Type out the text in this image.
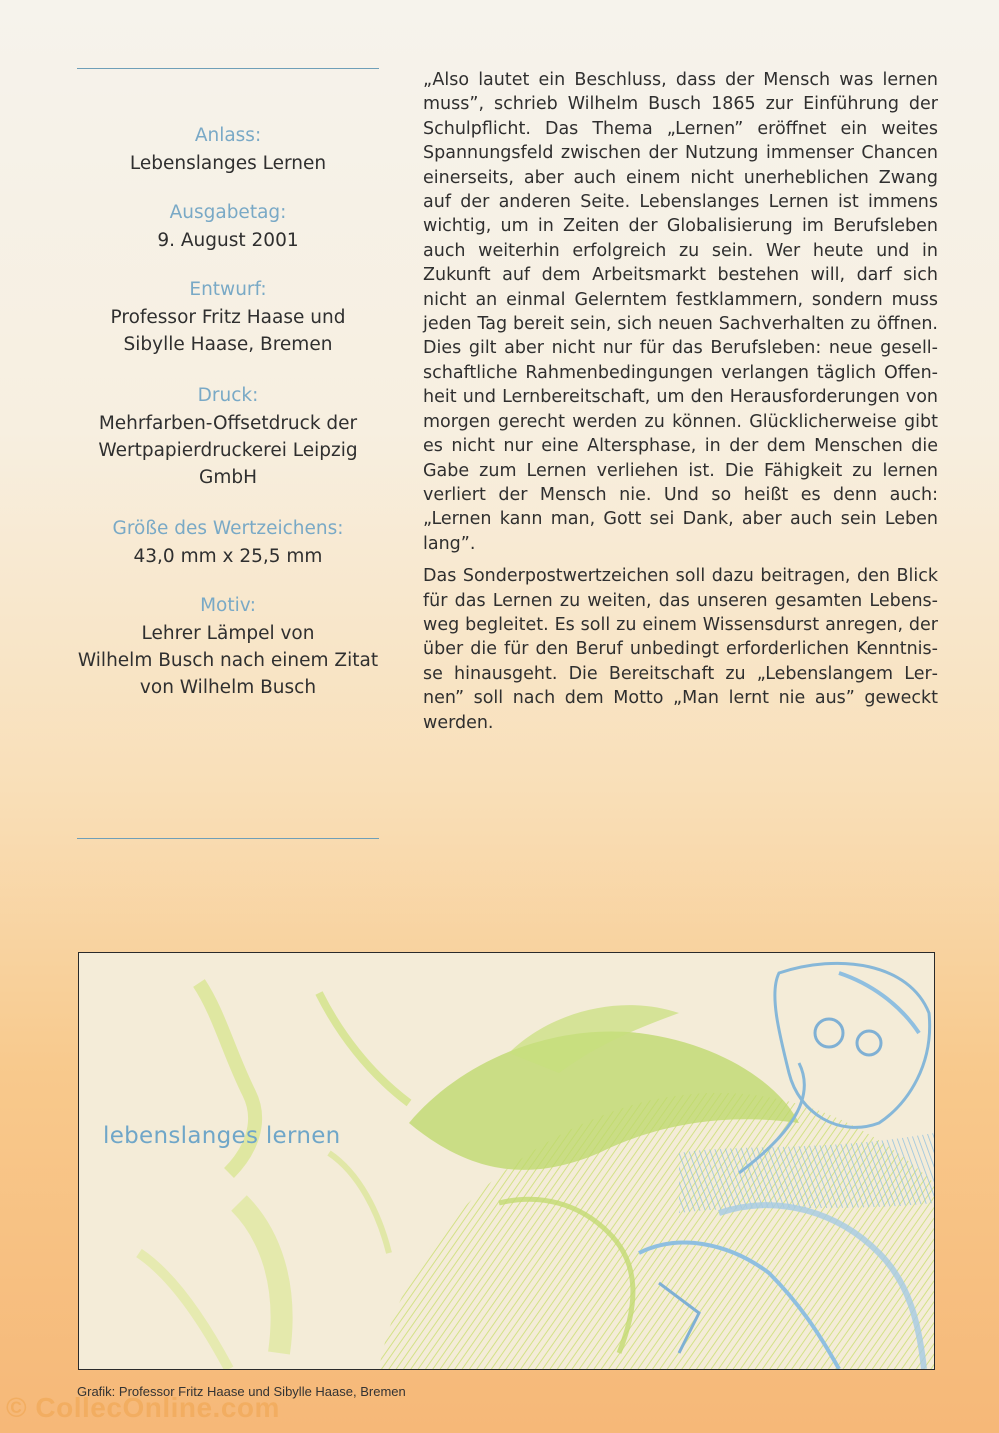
Anlass:
Lebenslanges Lernen
Ausgabetag:
9. August 2001
Entwurf:
Professor Fritz Haase und
Sibylle Haase, Bremen
Druck:
Mehrfarben-Offsetdruck der
Wertpapierdruckerei Leipzig
GmbH
Größe des Wertzeichens:
43,0 mm x 25,5 mm
Motiv:
Lehrer Lämpel von
Wilhelm Busch nach einem Zitat
von Wilhelm Busch

„Also lautet ein Beschluss, dass der Mensch was lernen muss”, schrieb Wilhelm Busch 1865 zur Einführung der Schulpflicht. Das Thema „Lernen” eröffnet ein weites Spannungsfeld zwischen der Nutzung immenser Chancen einerseits, aber auch einem nicht unerheblichen Zwang auf der anderen Seite. Lebenslanges Lernen ist immens wichtig, um in Zeiten der Globalisierung im Berufsleben auch weiterhin erfolgreich zu sein. Wer heute und in Zukunft auf dem Arbeitsmarkt bestehen will, darf sich nicht an einmal Gelerntem festklammern, sondern muss jeden Tag bereit sein, sich neuen Sachverhalten zu öffnen. Dies gilt aber nicht nur für das Berufsleben: neue gesellschaftliche Rahmenbedingungen verlangen täglich Offenheit und Lernbereitschaft, um den Herausforderungen von morgen gerecht werden zu können. Glücklicherweise gibt es nicht nur eine Altersphase, in der dem Menschen die Gabe zum Lernen verliehen ist. Die Fähigkeit zu lernen verliert der Mensch nie. Und so heißt es denn auch: „Lernen kann man, Gott sei Dank, aber auch sein Leben lang”.

Das Sonderpostwertzeichen soll dazu beitragen, den Blick für das Lernen zu weiten, das unseren gesamten Lebensweg begleitet. Es soll zu einem Wissensdurst anregen, der über die für den Beruf unbedingt erforderlichen Kenntnisse hinausgeht. Die Bereitschaft zu „Lebenslangem Lernen” soll nach dem Motto „Man lernt nie aus” geweckt werden.

lebenslanges lernen
Grafik: Professor Fritz Haase und Sibylle Haase, Bremen
© CollecOnline.com
